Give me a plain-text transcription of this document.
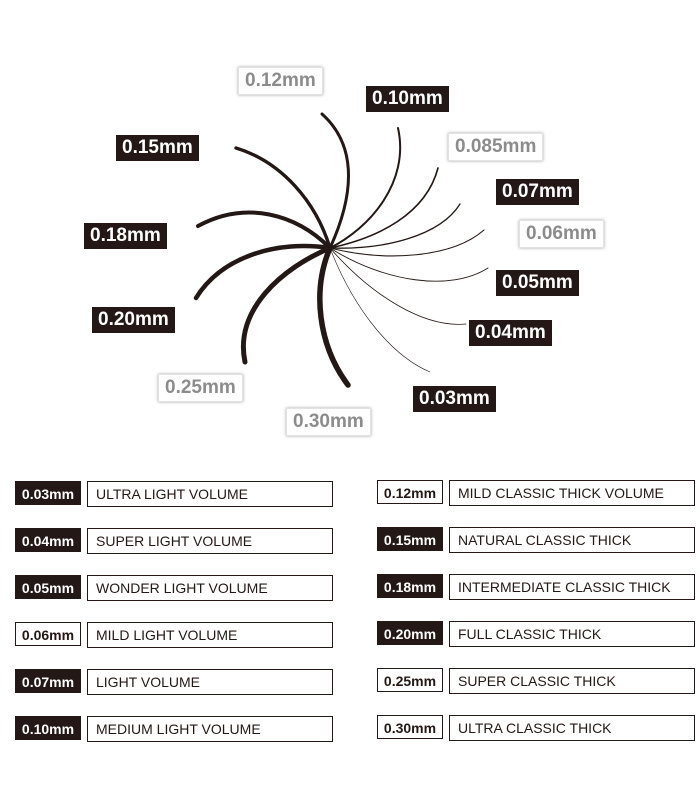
0.12mm
0.10mm
0.085mm
0.15mm
0.07mm
0.06mm
0.18mm
0.05mm
0.20mm
0.04mm
0.25mm
0.03mm
0.30mm
0.03mm	ULTRA LIGHT VOLUME
0.04mm	SUPER LIGHT VOLUME
0.05mm	WONDER LIGHT VOLUME
0.06mm	MILD LIGHT VOLUME
0.07mm	LIGHT VOLUME
0.10mm	MEDIUM LIGHT VOLUME
0.12mm	MILD CLASSIC THICK VOLUME
0.15mm	NATURAL CLASSIC THICK
0.18mm	INTERMEDIATE CLASSIC THICK
0.20mm	FULL CLASSIC THICK
0.25mm	SUPER CLASSIC THICK
0.30mm	ULTRA CLASSIC THICK
